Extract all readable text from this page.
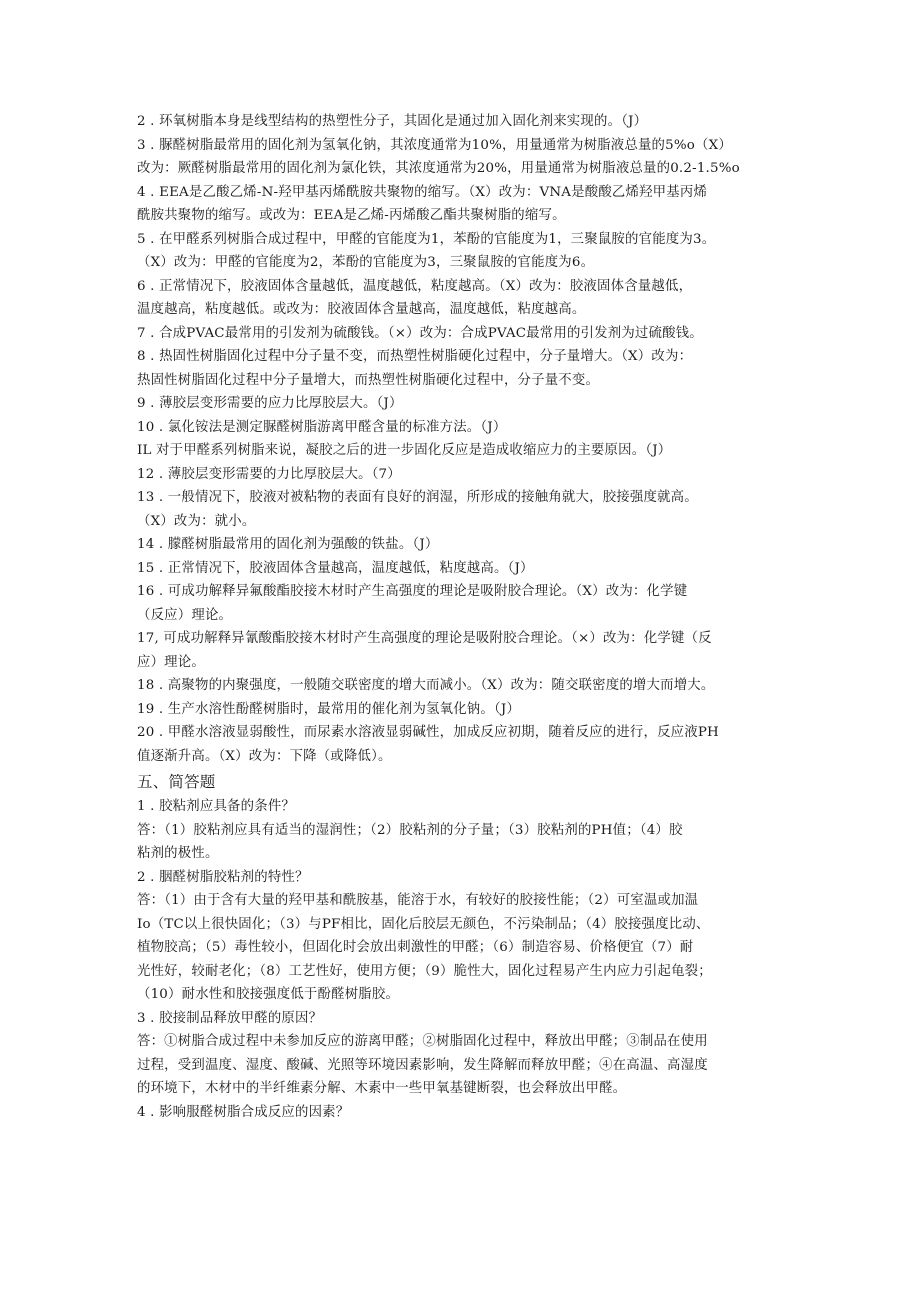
2 . 环氧树脂本身是线型结构的热塑性分子，其固化是通过加入固化剂来实现的。（J）
3 . 脲醛树脂最常用的固化剂为氢氧化钠，其浓度通常为10%，用量通常为树脂液总量的5%o（X）
改为：厥醛树脂最常用的固化剂为氯化铁，其浓度通常为20%，用量通常为树脂液总量的0.2-1.5%o
4 . EEA是乙酸乙烯-N-羟甲基丙烯酰胺共聚物的缩写。（X）改为：VNA是酸酸乙烯羟甲基丙烯
酰胺共聚物的缩写。或改为：EEA是乙烯-丙烯酸乙酯共聚树脂的缩写。
5 . 在甲醛系列树脂合成过程中，甲醛的官能度为1，苯酚的官能度为1，三聚鼠胺的官能度为3。
（X）改为：甲醛的官能度为2，苯酚的官能度为3，三聚鼠胺的官能度为6。
6 . 正常情况下，胶液固体含量越低，温度越低，粘度越高。（X）改为：胶液固体含量越低，
温度越高，粘度越低。或改为：胶液固体含量越高，温度越低，粘度越高。
7 . 合成PVAC最常用的引发剂为硫酸钱。（×）改为：合成PVAC最常用的引发剂为过硫酸钱。
8 . 热固性树脂固化过程中分子量不变，而热塑性树脂硬化过程中，分子量增大。（X）改为：
热固性树脂固化过程中分子量增大，而热塑性树脂硬化过程中，分子量不变。
9 . 薄胶层变形需要的应力比厚胶层大。（J）
10 . 氯化铵法是测定脲醛树脂游离甲醛含量的标准方法。（J）
IL 对于甲醛系列树脂来说，凝胶之后的进一步固化反应是造成收缩应力的主要原因。（J）
12 . 薄胶层变形需要的力比厚胶层大。（7）
13 . 一般情况下，胶液对被粘物的表面有良好的润湿，所形成的接触角就大，胶接强度就高。
（X）改为：就小。
14 . 朦醛树脂最常用的固化剂为强酸的铁盐。（J）
15 . 正常情况下，胶液固体含量越高，温度越低，粘度越高。（J）
16 . 可成功解释异氟酸酯胶接木材时产生高强度的理论是吸附胶合理论。（X）改为：化学键
（反应）理论。
17, 可成功解释异氰酸酯胶接木材时产生高强度的理论是吸附胶合理论。（×）改为：化学键（反
应）理论。
18 . 高聚物的内聚强度，一般随交联密度的增大而减小。（X）改为：随交联密度的增大而增大。
19 . 生产水溶性酚醛树脂时，最常用的催化剂为氢氧化钠。（J）
20 . 甲醛水溶液显弱酸性，而尿素水溶液显弱碱性，加成反应初期，随着反应的进行，反应液PH
值逐渐升高。（X）改为：下降（或降低）。
五、简答题
1 . 胶粘剂应具备的条件？
答：（1）胶粘剂应具有适当的湿润性；（2）胶粘剂的分子量；（3）胶粘剂的PH值；（4）胶
粘剂的极性。
2 . 胭醛树脂胶粘剂的特性？
答：（1）由于含有大量的羟甲基和酰胺基，能溶于水，有较好的胶接性能；（2）可室温或加温
Io（TC以上很快固化；（3）与PF相比，固化后胶层无颜色，不污染制品；（4）胶接强度比动、
植物胶高；（5）毒性较小，但固化时会放出刺激性的甲醛；（6）制造容易、价格便宜（7）耐
光性好，较耐老化；（8）工艺性好，使用方便；（9）脆性大，固化过程易产生内应力引起龟裂；
（10）耐水性和胶接强度低于酚醛树脂胶。
3 . 胶接制品释放甲醛的原因？
答：①树脂合成过程中未参加反应的游离甲醛；②树脂固化过程中，释放出甲醛；③制品在使用
过程，受到温度、湿度、酸碱、光照等环境因素影响，发生降解而释放甲醛；④在高温、高湿度
的环境下，木材中的半纤维素分解、木素中一些甲氧基键断裂，也会释放出甲醛。
4 . 影响服醛树脂合成反应的因素？
